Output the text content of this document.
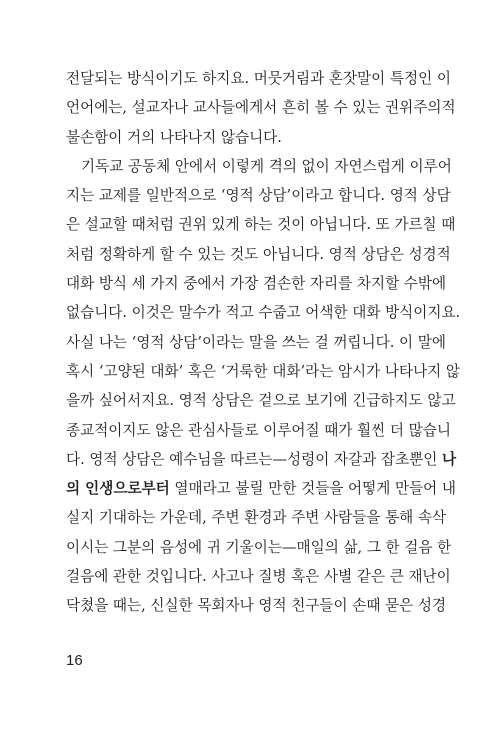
전달되는 방식이기도 하지요. 머뭇거림과 혼잣말이 특정인 이
언어에는, 설교자나 교사들에게서 흔히 볼 수 있는 권위주의적
불손함이 거의 나타나지 않습니다.
기독교 공동체 안에서 이렇게 격의 없이 자연스럽게 이루어
지는 교제를 일반적으로 ‘영적 상담’이라고 합니다. 영적 상담
은 설교할 때처럼 권위 있게 하는 것이 아닙니다. 또 가르칠 때
처럼 정확하게 할 수 있는 것도 아닙니다. 영적 상담은 성경적
대화 방식 세 가지 중에서 가장 겸손한 자리를 차지할 수밖에
없습니다. 이것은 말수가 적고 수줍고 어색한 대화 방식이지요.
사실 나는 ‘영적 상담’이라는 말을 쓰는 걸 꺼립니다. 이 말에
혹시 ‘고양된 대화’ 혹은 ‘거룩한 대화’라는 암시가 나타나지 않
을까 싶어서지요. 영적 상담은 겉으로 보기에 긴급하지도 않고
종교적이지도 않은 관심사들로 이루어질 때가 훨씬 더 많습니
다. 영적 상담은 예수님을 따르는—성령이 자갈과 잡초뿐인 나
의 인생으로부터 열매라고 불릴 만한 것들을 어떻게 만들어 내
실지 기대하는 가운데, 주변 환경과 주변 사람들을 통해 속삭
이시는 그분의 음성에 귀 기울이는—매일의 삶, 그 한 걸음 한
걸음에 관한 것입니다. 사고나 질병 혹은 사별 같은 큰 재난이
닥쳤을 때는, 신실한 목회자나 영적 친구들이 손때 묻은 성경
16
